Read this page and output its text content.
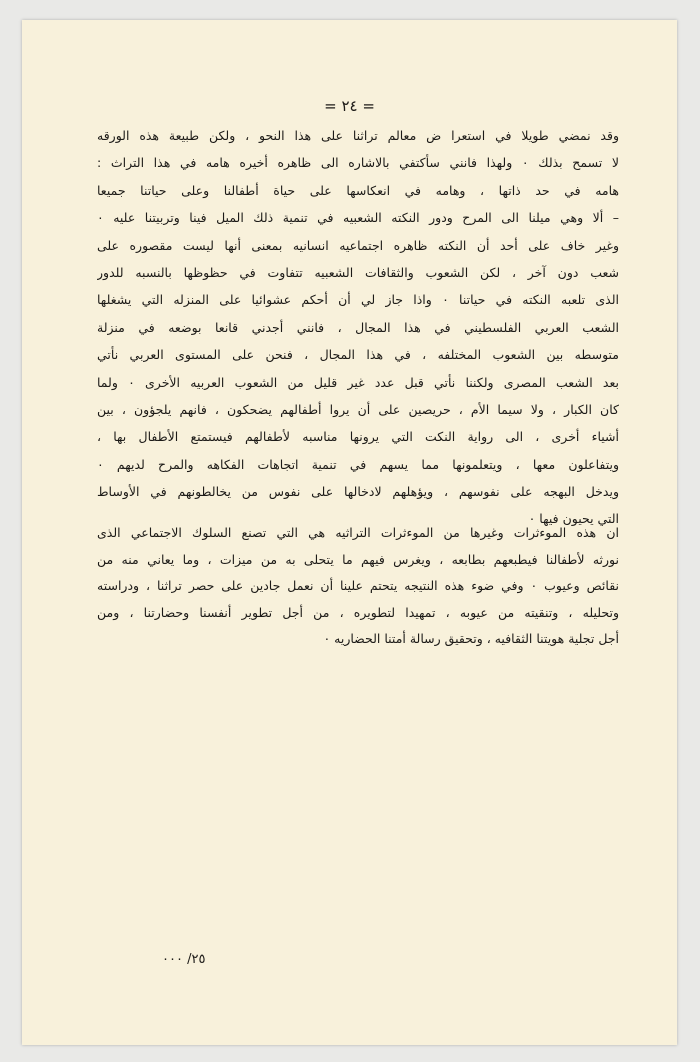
= ٢٤ =
وقد نمضي طويلا في استعرا ض معالم تراثنا على هذا النحو ، ولكن طبيعة هذه الورقه
لا تسمح بذلك ٠ ولهذا فانني سأكتفي بالاشاره الى ظاهره أخيره هامه في هذا التراث :
هامه في حد ذاتها ، وهامه في انعكاسها على حياة أطفالنا وعلى حياتنا جميعا
– ألا وهي ميلنا الى المرح ودور النكته الشعبيه في تنمية ذلك الميل فينا وتربيتنا عليه ٠
وغير خاف على أحد أن النكته ظاهره اجتماعيه انسانيه بمعنى أنها ليست مقصوره على
شعب دون آخر ، لكن الشعوب والثقافات الشعبيه تتفاوت في حظوظها بالنسبه للدور
الذى تلعبه النكته في حياتنا ٠ واذا جاز لي أن أحكم عشوائيا على المنزله التي يشغلها
الشعب العربي الفلسطيني في هذا المجال ، فانني أجدني قانعا بوضعه في منزلة
متوسطه بين الشعوب المختلفه ، في هذا المجال ، فنحن على المستوى العربي نأتي
بعد الشعب المصرى ولكننا نأتي قبل عدد غير قليل من الشعوب العربيه الأخرى ٠ ولما
كان الكبار ، ولا سيما الأم ، حريصين على أن يروا أطفالهم يضحكون ، فانهم يلجؤون ، بين
أشياء أخرى ، الى رواية النكت التي يرونها مناسبه لأطفالهم فيستمتع الأطفال بها ،
ويتفاعلون معها ، ويتعلمونها مما يسهم في تنمية اتجاهات الفكاهه والمرح لديهم ٠
ويدخل البهجه على نفوسهم ، ويؤهلهم لادخالها على نفوس من يخالطونهم في الأوساط
التي يحيون فيها ٠
ان هذه الموءثرات وغيرها من الموءثرات التراثيه هي التي تصنع السلوك الاجتماعي الذى
نورثه لأطفالنا فيطبعهم بطابعه ، ويغرس فيهم ما يتحلى به من ميزات ، وما يعاني منه من
نقائص وعيوب ٠ وفي ضوء هذه النتيجه يتحتم علينا أن نعمل جادين على حصر تراثنا ، ودراسته
وتحليله ، وتنقيته من عيوبه ، تمهيدا لتطويره ، من أجل تطوير أنفسنا وحضارتنا ، ومن
أجل تجلية هويتنا الثقافيه ، وتحقيق رسالة أمتنا الحضاريه ٠
٢٥/ ٠٠٠
